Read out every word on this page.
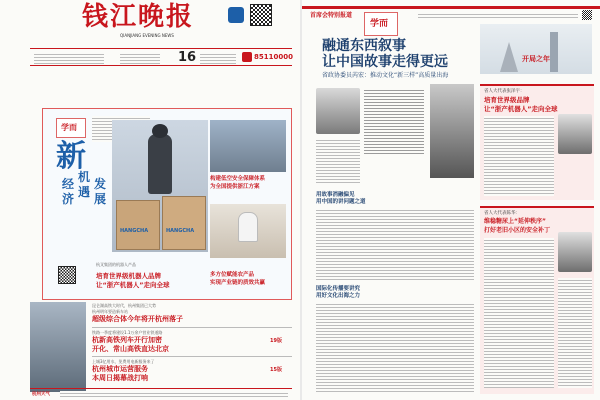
钱江晚报
QIANJIANG EVENING NEWS
16	85110000
学而
新
经
济
机
遇
发
展
HANGCHA	HANGCHA
杭叉集团的机器人产品
培育世界级机器人品牌
让“浙产机器人”走向全球
构建低空安全保障体系
为全国提供浙江方案
多方位赋能农产品
实现产业链的质效共赢
昆仑湖高铁大时代，杭州集团已大势
杭州明年要造新车站
超级综合体今年将开杭州落子
铁路一季度将建设1.1万余户营业铁道路
杭新高铁列车开行加密
开化、常山高铁直达北京
19版
上城3亿用水，免费用电新服务来了
杭州城市运营服务
本周日揭幕战打响
15版
杭州天气
首席会特别报道
学而
融通东西叙事
让中国故事走得更远
省政协委员芮宏：推动文化“新三样”高质量出海
开局之年
用故事消融偏见
用中国的讲问题之道
国际化传播要讲究
用好文化出海之力
省人大代表张泽宇：
培育世界级品牌
让“浙产机器人”走向全球
省人大代表陈华：
维稳糖尿上“延伸秩序”
打好老旧小区的安全补丁
